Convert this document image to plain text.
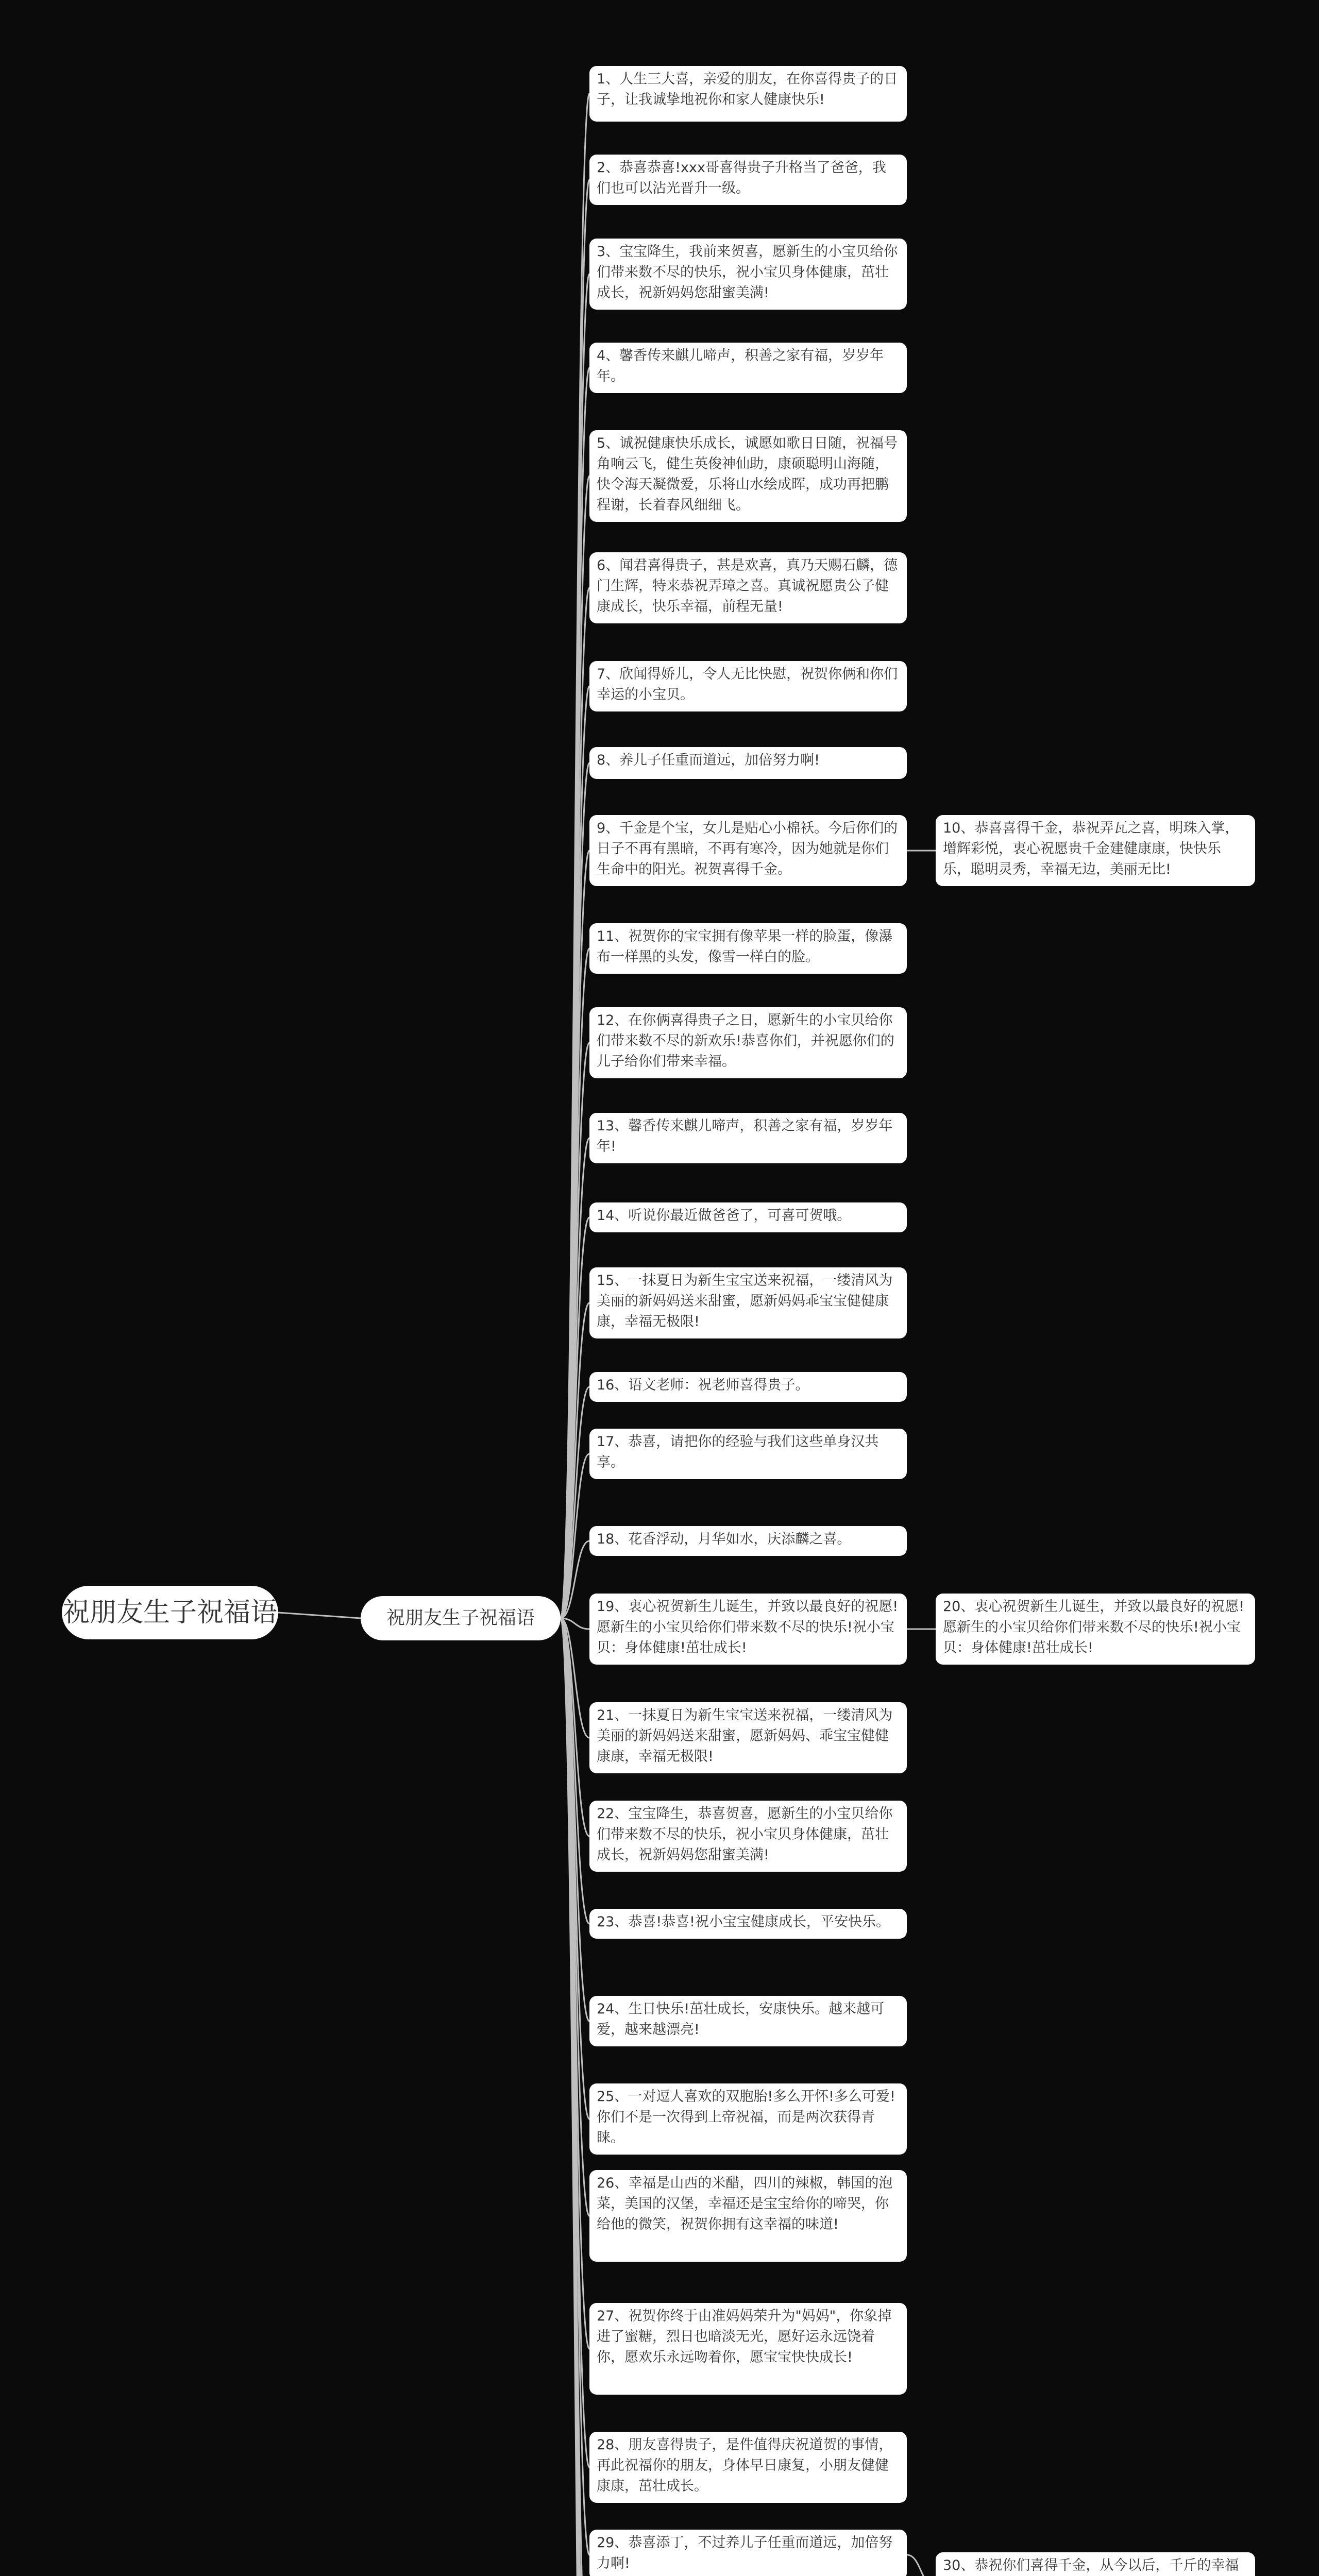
祝朋友生子祝福语	祝朋友生子祝福语
1、人生三大喜，亲爱的朋友，在你喜得贵子的日子，让我诚挚地祝你和家人健康快乐!
2、恭喜恭喜!xxx哥喜得贵子升格当了爸爸，我们也可以沾光晋升一级。
3、宝宝降生，我前来贺喜，愿新生的小宝贝给你们带来数不尽的快乐，祝小宝贝身体健康，茁壮成长，祝新妈妈您甜蜜美满!
4、馨香传来麒儿啼声，积善之家有福，岁岁年年。
5、诚祝健康快乐成长，诚愿如歌日日随，祝福号角响云飞，健生英俊神仙助，康硕聪明山海随，快令海天凝微爱，乐将山水绘成晖，成功再把鹏程谢，长着春风细细飞。
6、闻君喜得贵子，甚是欢喜，真乃天赐石麟，德门生辉，特来恭祝弄璋之喜。真诚祝愿贵公子健康成长，快乐幸福，前程无量!
7、欣闻得娇儿，令人无比快慰，祝贺你俩和你们幸运的小宝贝。
8、养儿子任重而道远，加倍努力啊!
9、千金是个宝，女儿是贴心小棉袄。今后你们的日子不再有黑暗，不再有寒冷，因为她就是你们生命中的阳光。祝贺喜得千金。
10、恭喜喜得千金，恭祝弄瓦之喜，明珠入掌，增辉彩悦，衷心祝愿贵千金建健康康，快快乐乐，聪明灵秀，幸福无边，美丽无比!
11、祝贺你的宝宝拥有像苹果一样的脸蛋，像瀑布一样黑的头发，像雪一样白的脸。
12、在你俩喜得贵子之日，愿新生的小宝贝给你们带来数不尽的新欢乐!恭喜你们，并祝愿你们的儿子给你们带来幸福。
13、馨香传来麒儿啼声，积善之家有福，岁岁年年!
14、听说你最近做爸爸了，可喜可贺哦。
15、一抹夏日为新生宝宝送来祝福，一缕清风为美丽的新妈妈送来甜蜜，愿新妈妈乖宝宝健健康康，幸福无极限!
16、语文老师：祝老师喜得贵子。
17、恭喜，请把你的经验与我们这些单身汉共享。
18、花香浮动，月华如水，庆添麟之喜。
19、衷心祝贺新生儿诞生，并致以最良好的祝愿!愿新生的小宝贝给你们带来数不尽的快乐!祝小宝贝：身体健康!茁壮成长!
20、衷心祝贺新生儿诞生，并致以最良好的祝愿!愿新生的小宝贝给你们带来数不尽的快乐!祝小宝贝：身体健康!茁壮成长!
21、一抹夏日为新生宝宝送来祝福，一缕清风为美丽的新妈妈送来甜蜜，愿新妈妈、乖宝宝健健康康，幸福无极限!
22、宝宝降生，恭喜贺喜，愿新生的小宝贝给你们带来数不尽的快乐，祝小宝贝身体健康，茁壮成长，祝新妈妈您甜蜜美满!
23、恭喜!恭喜!祝小宝宝健康成长，平安快乐。
24、生日快乐!茁壮成长，安康快乐。越来越可爱，越来越漂亮!
25、一对逗人喜欢的双胞胎!多么开怀!多么可爱!你们不是一次得到上帝祝福，而是两次获得青睐。
26、幸福是山西的米醋，四川的辣椒，韩国的泡菜，美国的汉堡，幸福还是宝宝给你的啼哭，你给他的微笑，祝贺你拥有这幸福的味道!
27、祝贺你终于由准妈妈荣升为"妈妈"，你象掉进了蜜糖，烈日也暗淡无光，愿好运永远饶着你，愿欢乐永远吻着你，愿宝宝快快成长!
28、朋友喜得贵子，是件值得庆祝道贺的事情，再此祝福你的朋友，身体早日康复，小朋友健健康康，茁壮成长。
29、恭喜添丁，不过养儿子任重而道远，加倍努力啊!	30、恭祝你们喜得千金，从今以后，千斤的幸福
